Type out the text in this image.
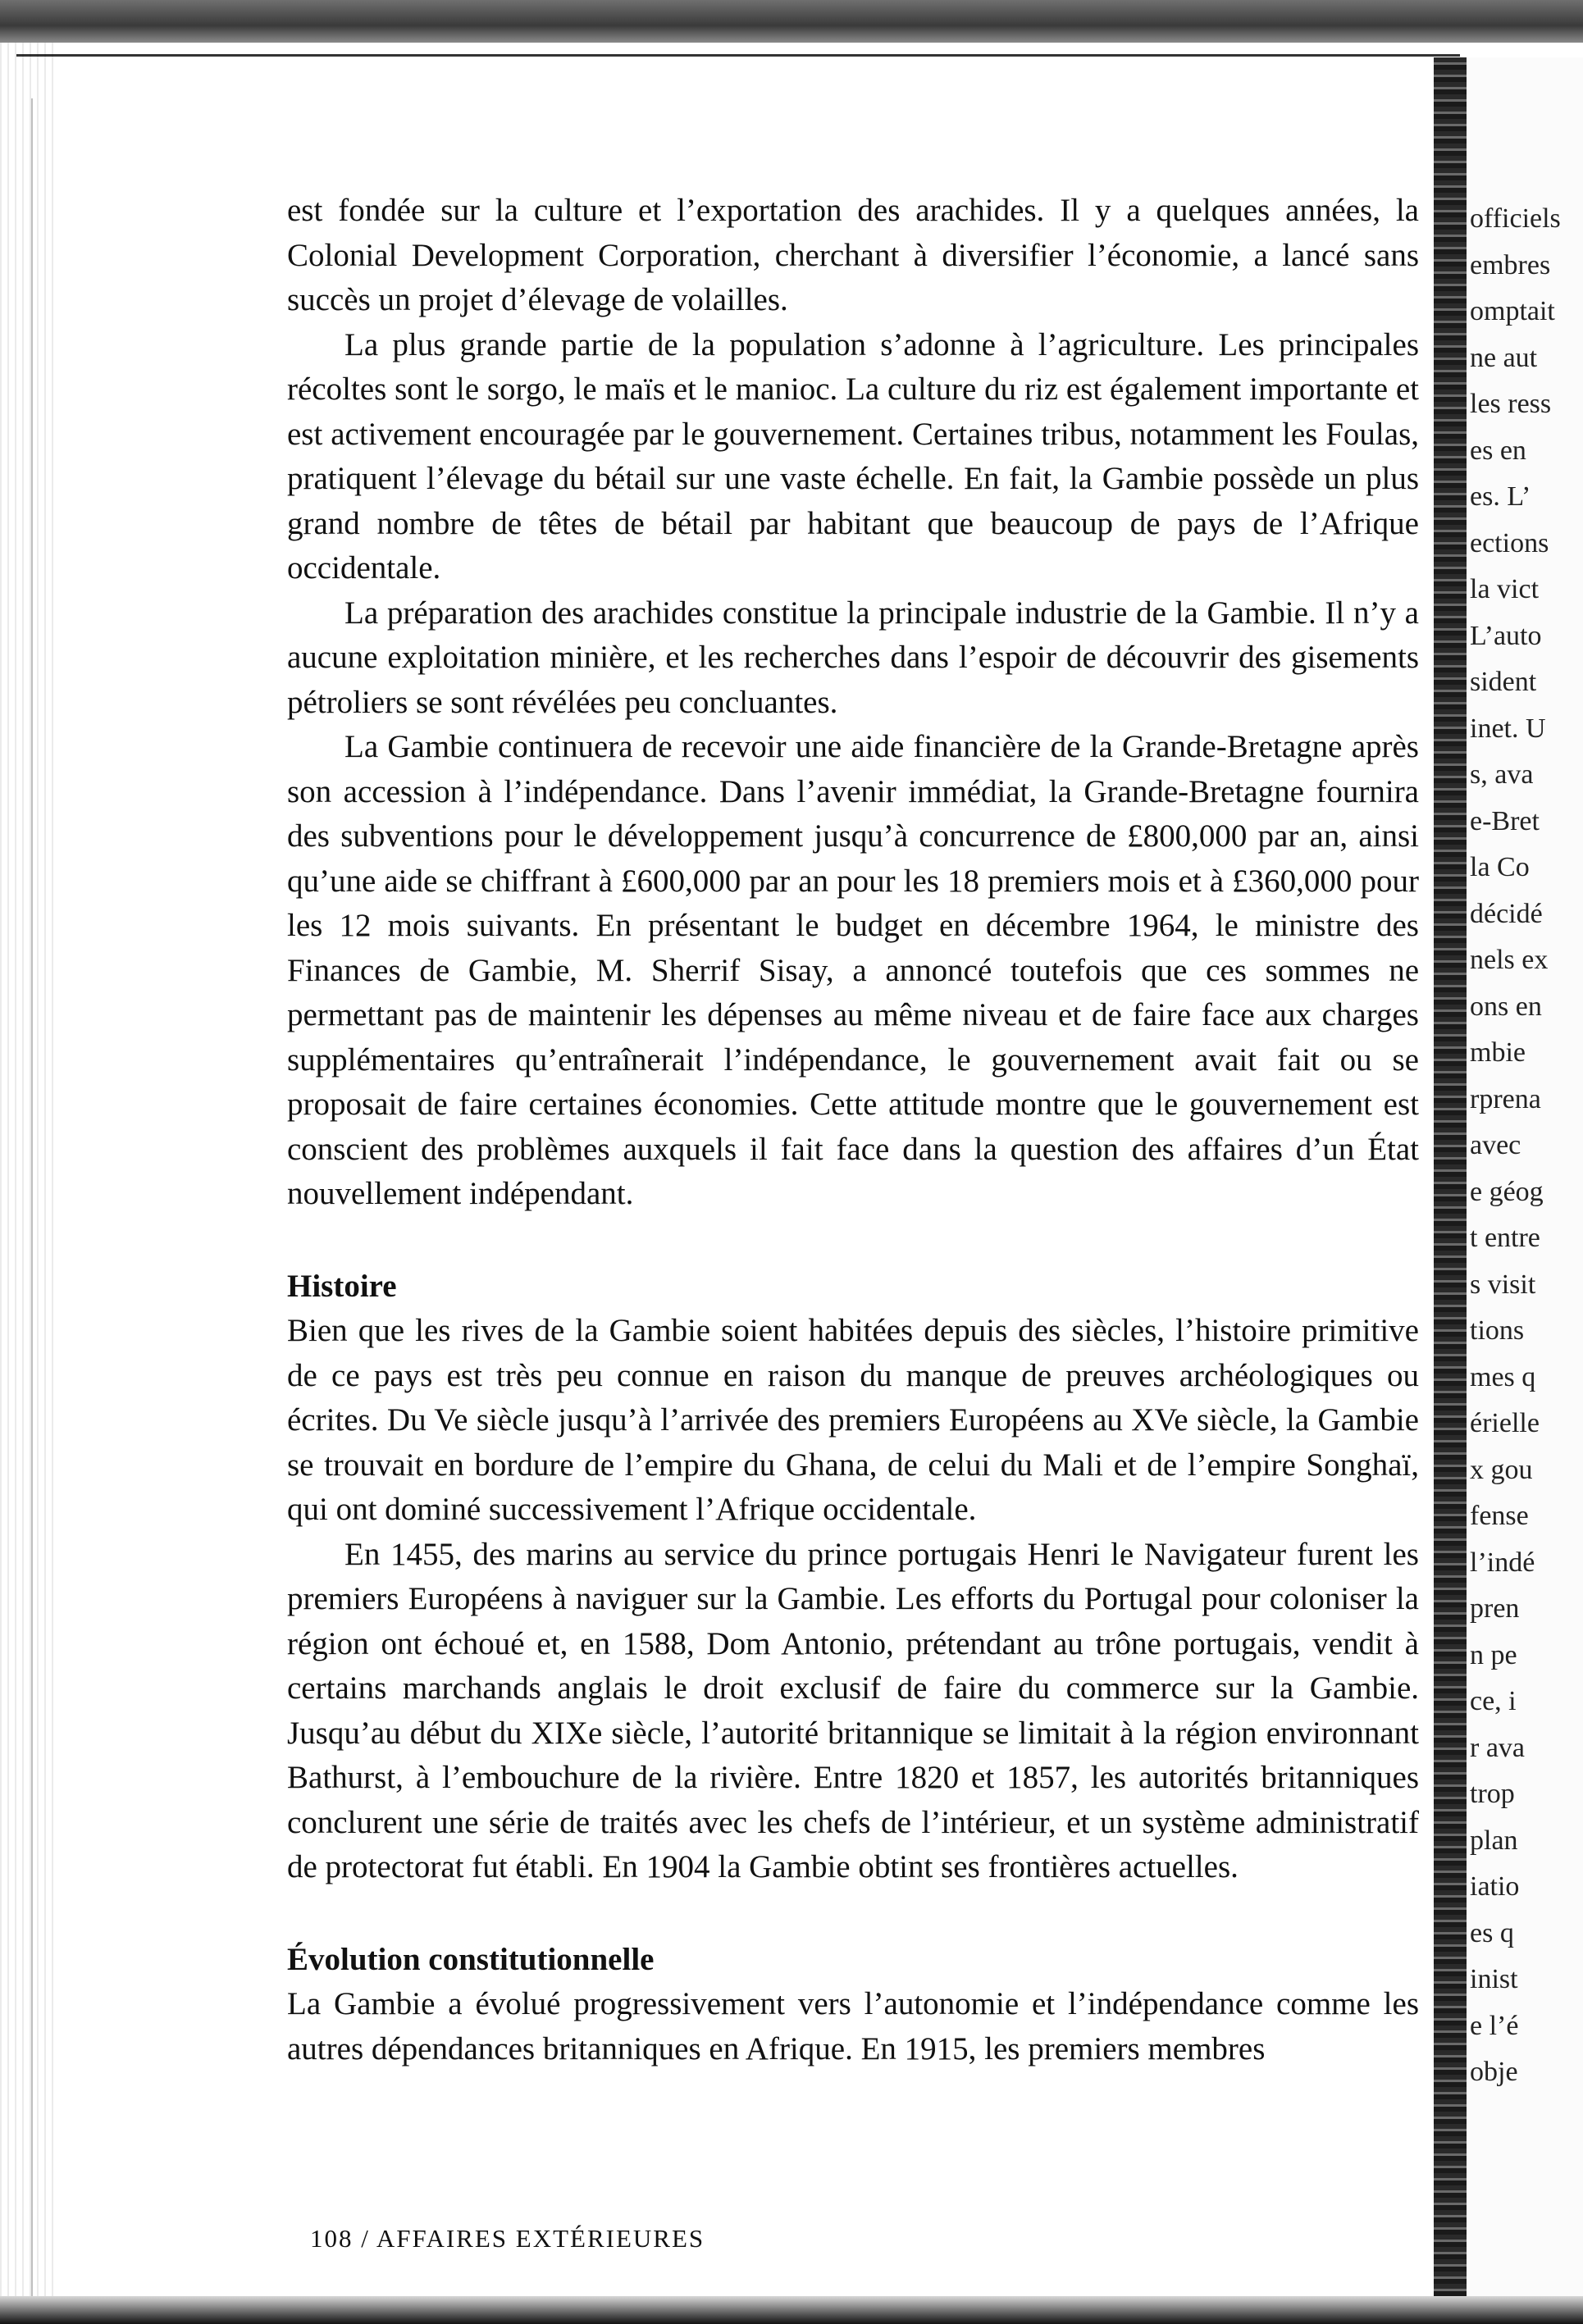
est fondée sur la culture et l’exportation des arachides. Il y a quelques années, la Colonial Development Corporation, cherchant à diversifier l’économie, a lancé sans succès un projet d’élevage de volailles.

La plus grande partie de la population s’adonne à l’agriculture. Les principales récoltes sont le sorgo, le maïs et le manioc. La culture du riz est également importante et est activement encouragée par le gouvernement. Certaines tribus, notamment les Foulas, pratiquent l’élevage du bétail sur une vaste échelle. En fait, la Gambie possède un plus grand nombre de têtes de bétail par habitant que beaucoup de pays de l’Afrique occidentale.

La préparation des arachides constitue la principale industrie de la Gambie. Il n’y a aucune exploitation minière, et les recherches dans l’espoir de découvrir des gisements pétroliers se sont révélées peu concluantes.

La Gambie continuera de recevoir une aide financière de la Grande-Bretagne après son accession à l’indépendance. Dans l’avenir immédiat, la Grande-Bretagne fournira des subventions pour le développement jusqu’à concurrence de £800,000 par an, ainsi qu’une aide se chiffrant à £600,000 par an pour les 18 premiers mois et à £360,000 pour les 12 mois suivants. En présentant le budget en décembre 1964, le ministre des Finances de Gambie, M. Sherrif Sisay, a annoncé toutefois que ces sommes ne permettant pas de maintenir les dépenses au même niveau et de faire face aux charges supplémentaires qu’entraînerait l’indépendance, le gouvernement avait fait ou se proposait de faire certaines économies. Cette attitude montre que le gouvernement est conscient des problèmes auxquels il fait face dans la question des affaires d’un État nouvellement indépendant.

Histoire

Bien que les rives de la Gambie soient habitées depuis des siècles, l’histoire primitive de ce pays est très peu connue en raison du manque de preuves archéologiques ou écrites. Du Ve siècle jusqu’à l’arrivée des premiers Européens au XVe siècle, la Gambie se trouvait en bordure de l’empire du Ghana, de celui du Mali et de l’empire Songhaï, qui ont dominé successivement l’Afrique occidentale.

En 1455, des marins au service du prince portugais Henri le Navigateur furent les premiers Européens à naviguer sur la Gambie. Les efforts du Portugal pour coloniser la région ont échoué et, en 1588, Dom Antonio, prétendant au trône portugais, vendit à certains marchands anglais le droit exclusif de faire du commerce sur la Gambie. Jusqu’au début du XIXe siècle, l’autorité britannique se limitait à la région environnant Bathurst, à l’embouchure de la rivière. Entre 1820 et 1857, les autorités britanniques conclurent une série de traités avec les chefs de l’intérieur, et un système administratif de protectorat fut établi. En 1904 la Gambie obtint ses frontières actuelles.

Évolution constitutionnelle

La Gambie a évolué progressivement vers l’autonomie et l’indépendance comme les autres dépendances britanniques en Afrique. En 1915, les premiers membres

officiels
embres
omptait
ne aut
les ress
es en
es. L’
ections
la vict
L’auto
sident
inet. U
s, ava
e-Bret
la Co
décidé
nels ex
ons en
mbie
rprena
avec
e géog
t entre
s visit
tions
mes q
érielle
x gou
fense
l’indé
pren
n pe
ce, i
r ava
trop
plan
iatio
es q
inist
e l’é
obje
108 / AFFAIRES EXTÉRIEURES
